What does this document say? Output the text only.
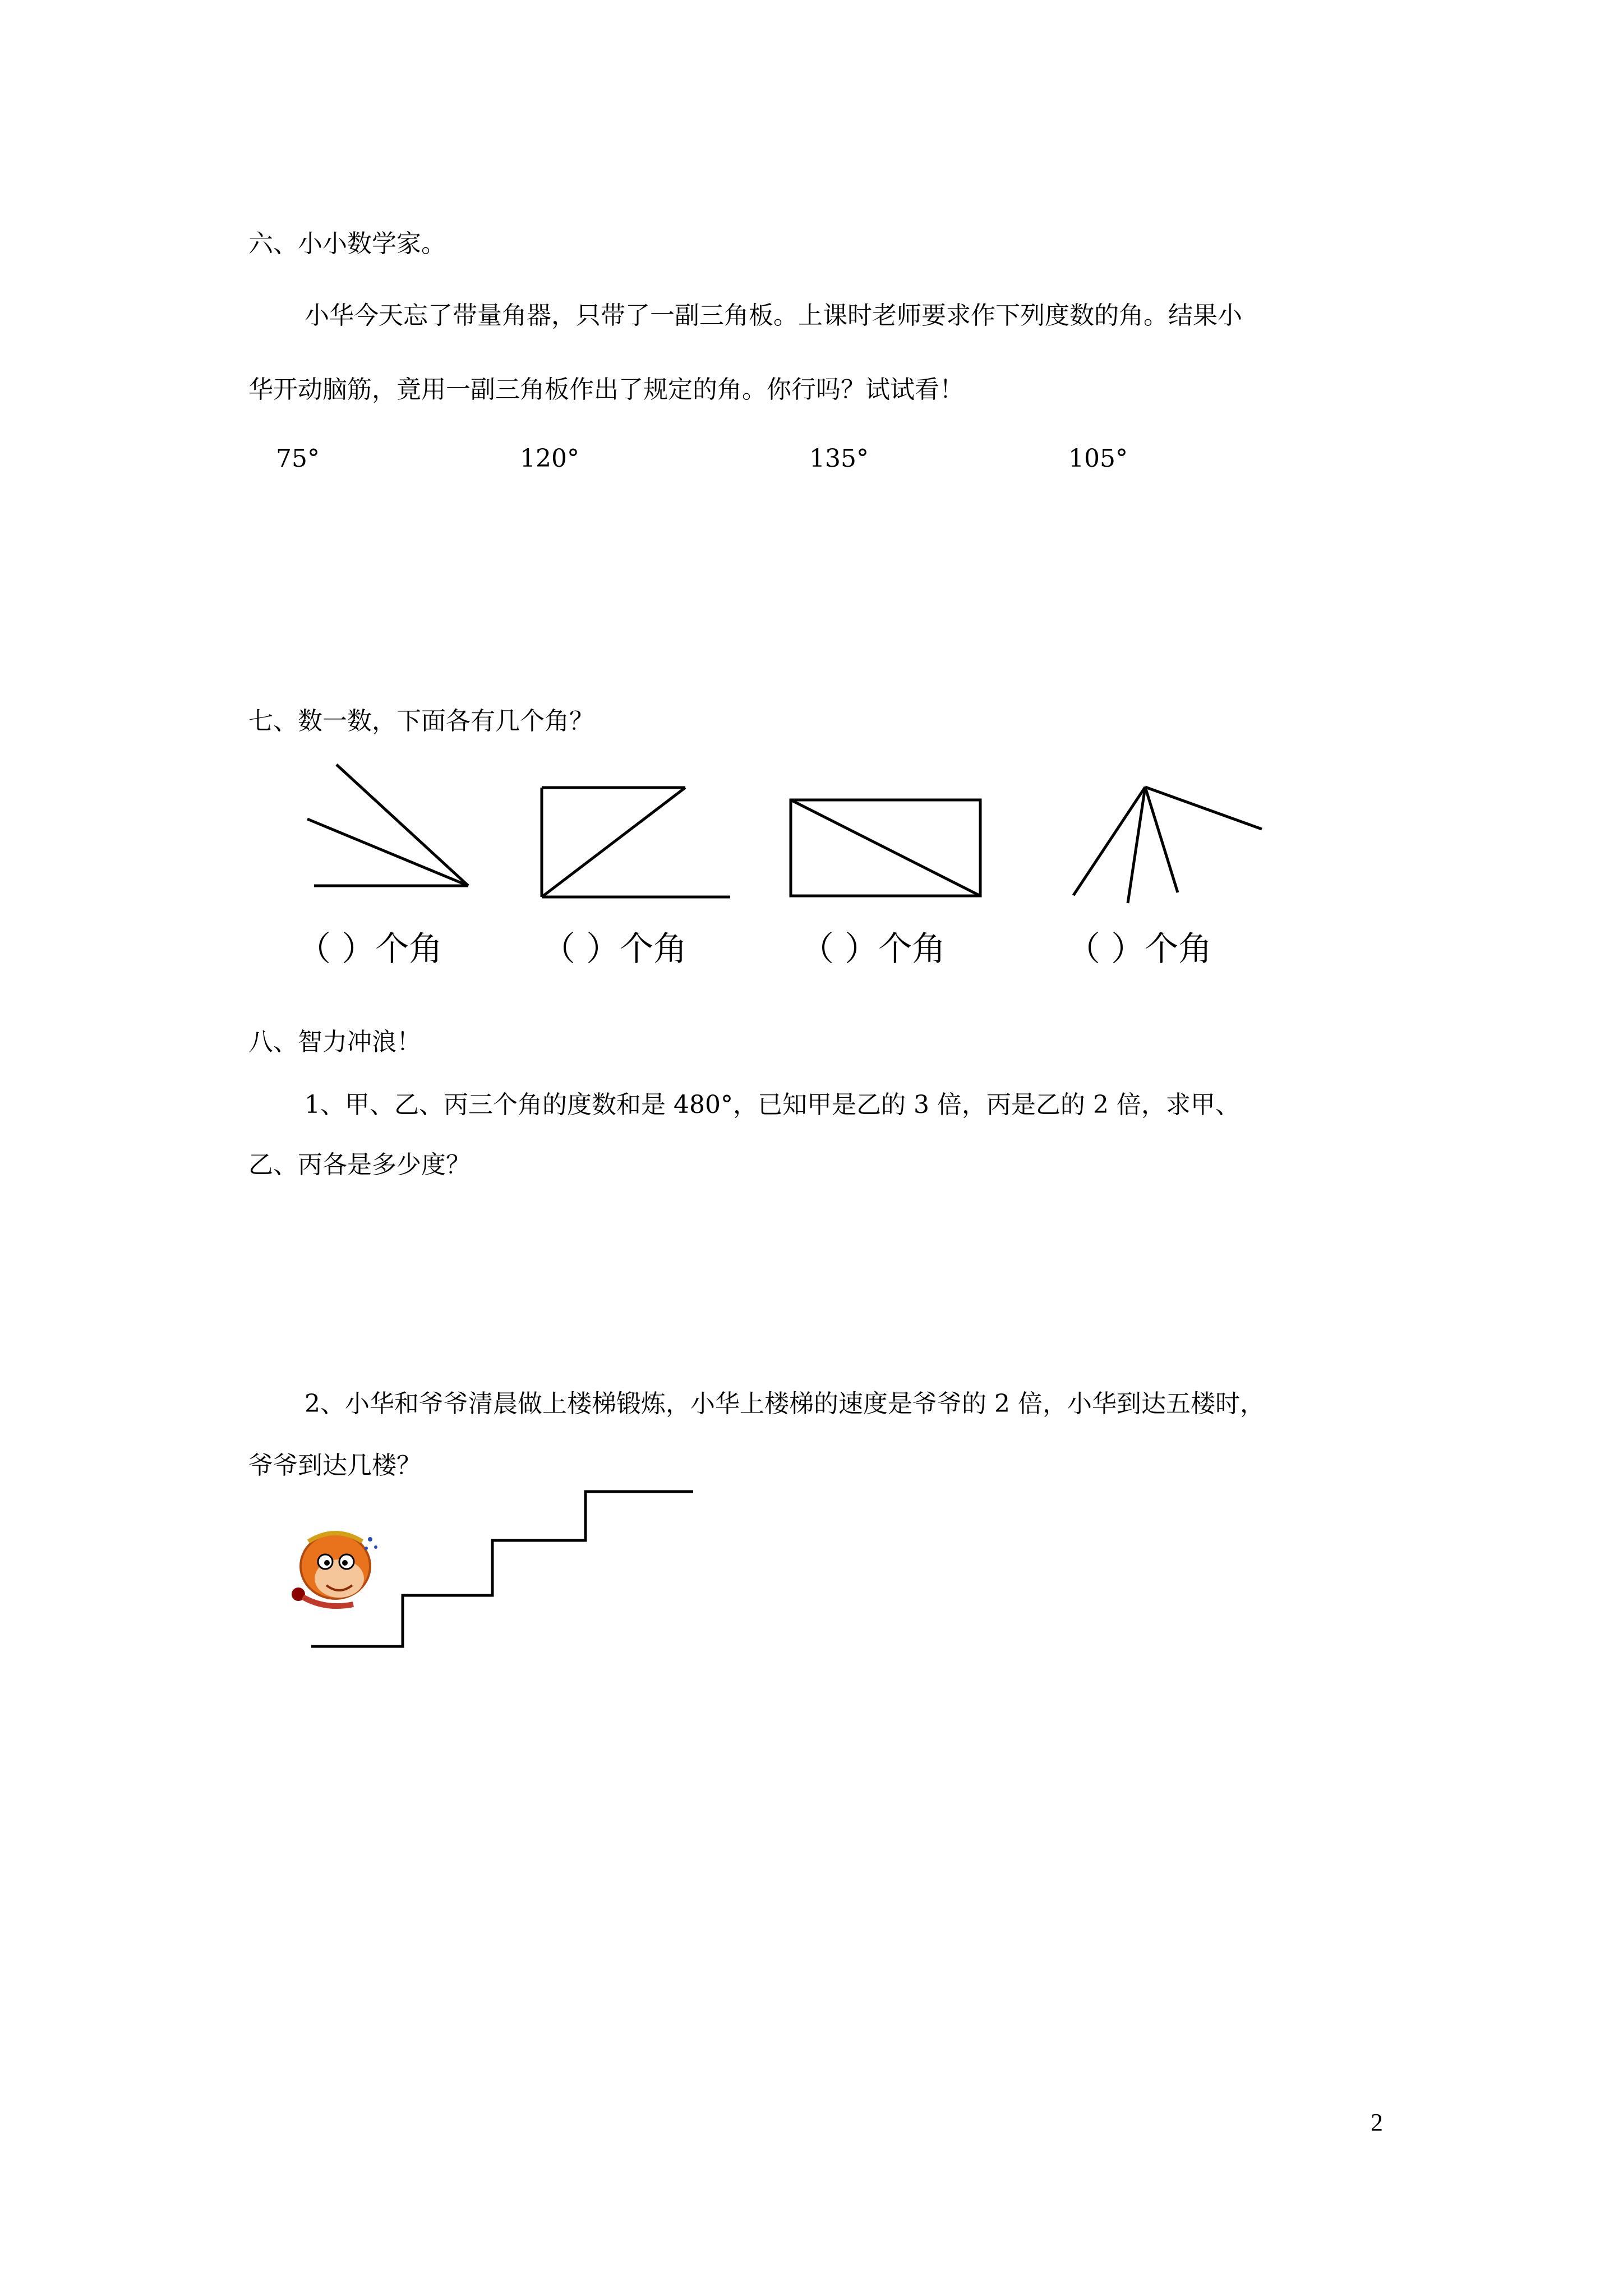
六、小小数学家。
小华今天忘了带量角器，只带了一副三角板。上课时老师要求作下列度数的角。结果小
华开动脑筋，竟用一副三角板作出了规定的角。你行吗？试试看！
75°	120°	135°	105°
七、数一数，下面各有几个角？
（ ）个角	（ ）个角	（ ）个角	（ ）个角
八、智力冲浪！
1、甲、乙、丙三个角的度数和是 480°，已知甲是乙的 3 倍，丙是乙的 2 倍，求甲、
乙、丙各是多少度？
2、小华和爷爷清晨做上楼梯锻炼，小华上楼梯的速度是爷爷的 2 倍，小华到达五楼时，
爷爷到达几楼？
2
